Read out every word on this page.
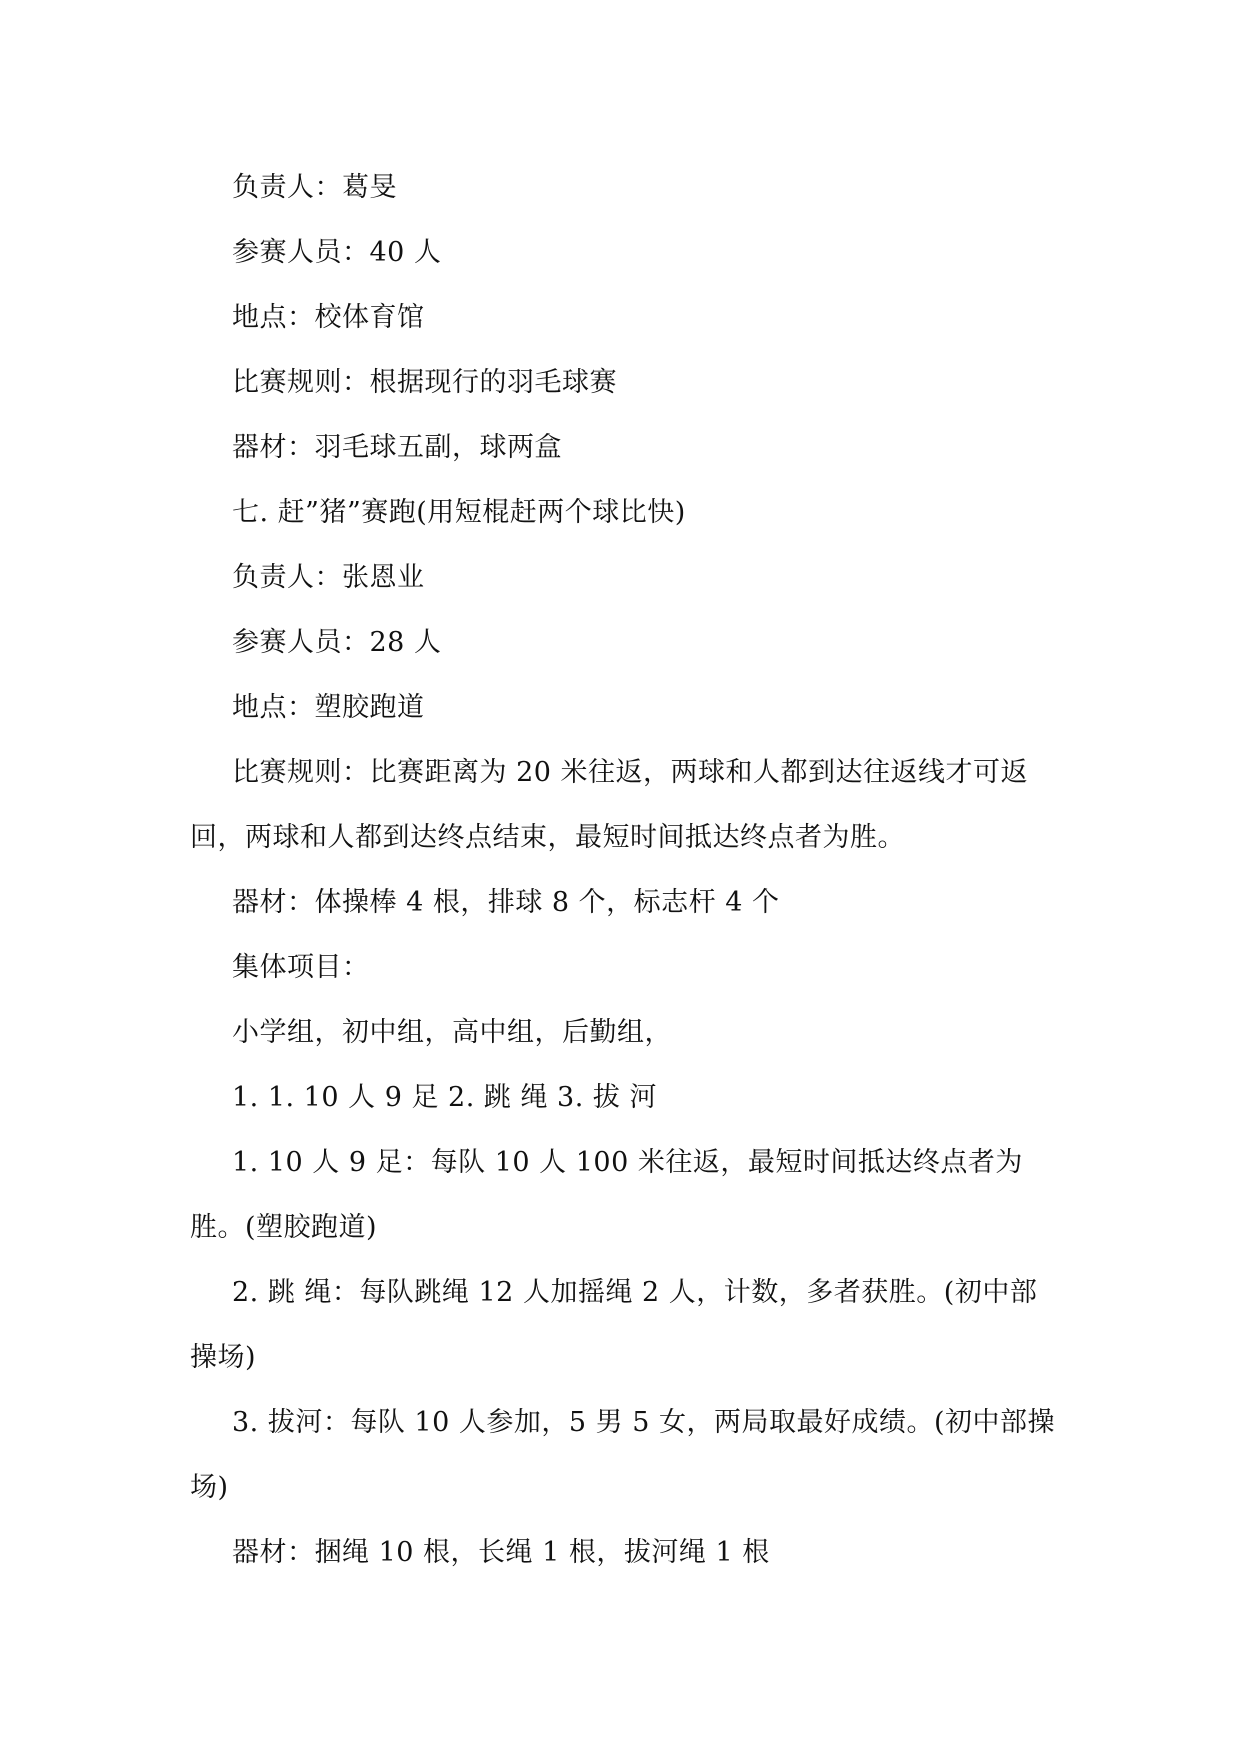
负责人：葛旻

参赛人员：40 人

地点：校体育馆

比赛规则：根据现行的羽毛球赛

器材：羽毛球五副，球两盒

七. 赶”猪”赛跑(用短棍赶两个球比快)

负责人：张恩业

参赛人员：28 人

地点：塑胶跑道

比赛规则：比赛距离为 20 米往返，两球和人都到达往返线才可返回，两球和人都到达终点结束，最短时间抵达终点者为胜。

器材：体操棒 4 根，排球 8 个，标志杆 4 个

集体项目：

小学组，初中组，高中组，后勤组，

1. 1. 10 人 9 足 2. 跳 绳 3. 拔 河

1. 10 人 9 足：每队 10 人 100 米往返，最短时间抵达终点者为胜。(塑胶跑道)

2. 跳 绳：每队跳绳 12 人加摇绳 2 人，计数，多者获胜。(初中部操场)

3. 拔河：每队 10 人参加，5 男 5 女，两局取最好成绩。(初中部操场)

器材：捆绳 10 根，长绳 1 根，拔河绳 1 根
